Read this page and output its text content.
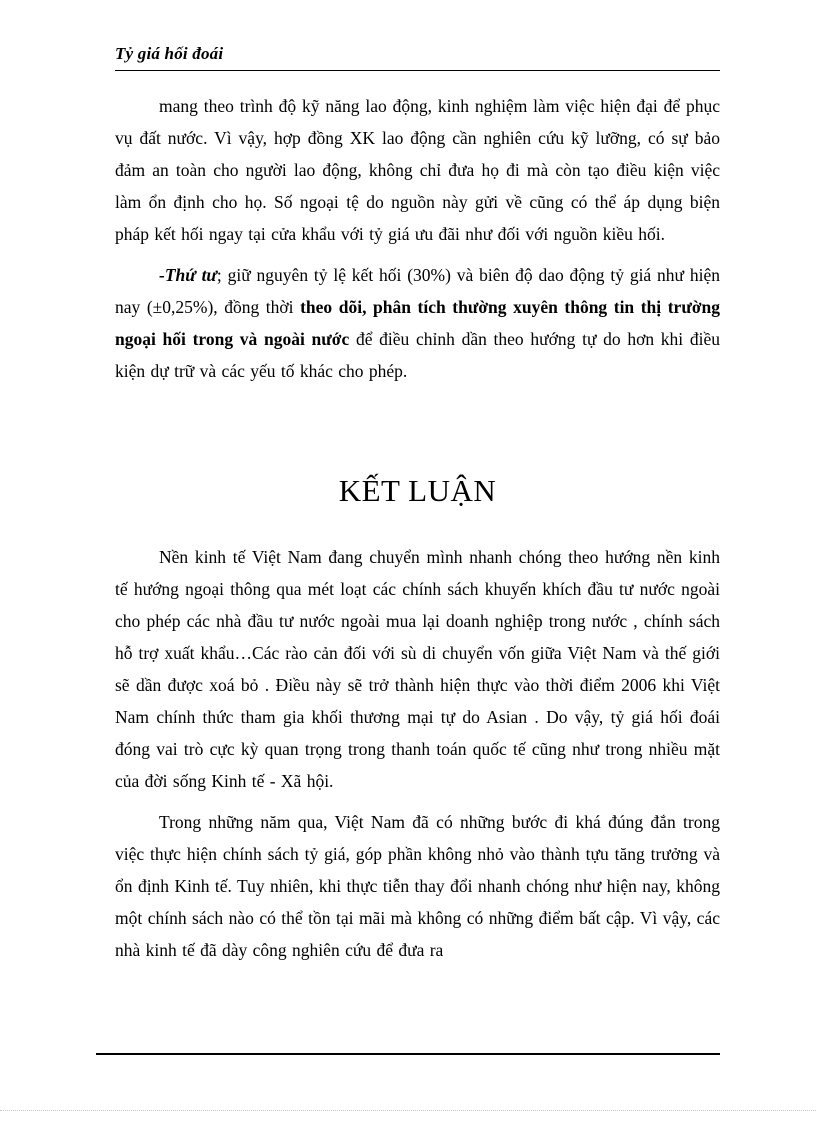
Tỷ giá hối đoái

mang theo trình độ kỹ năng lao động, kinh nghiệm làm việc hiện đại để phục vụ đất nước. Vì vậy, hợp đồng XK lao động cần nghiên cứu kỹ lưỡng, có sự bảo đảm an toàn cho người lao động, không chỉ đưa họ đi mà còn tạo điều kiện việc làm ổn định cho họ. Số ngoại tệ do nguồn này gửi về cũng có thể áp dụng biện pháp kết hối ngay tại cửa khẩu với tỷ giá ưu đãi như đối với nguồn kiều hối.

-Thứ tư; giữ nguyên tỷ lệ kết hối (30%) và biên độ dao động tỷ giá như hiện nay (±0,25%), đồng thời theo dõi, phân tích thường xuyên thông tin thị trường ngoại hối trong và ngoài nước để điều chỉnh dần theo hướng tự do hơn khi điều kiện dự trữ và các yếu tố khác cho phép.

KẾT LUẬN

Nền kinh tế Việt Nam đang chuyển mình nhanh chóng theo hướng nền kinh tế hướng ngoại thông qua mét loạt các chính sách khuyến khích đầu tư nước ngoài cho phép các nhà đầu tư nước ngoài mua lại doanh nghiệp trong nước , chính sách hỗ trợ xuất khẩu…Các rào cản đối với sù di chuyển vốn giữa Việt Nam và thế giới sẽ dần được xoá bỏ . Điều này sẽ trở thành hiện thực vào thời điểm 2006 khi Việt Nam chính thức tham gia khối thương mại tự do Asian . Do vậy, tỷ giá hối đoái đóng vai trò cực kỳ quan trọng trong thanh toán quốc tế cũng như trong nhiều mặt của đời sống Kinh tế - Xã hội.

Trong những năm qua, Việt Nam đã có những bước đi khá đúng đắn trong việc thực hiện chính sách tỷ giá, góp phần không nhỏ vào thành tựu tăng trưởng và ổn định Kinh tế. Tuy nhiên, khi thực tiễn thay đổi nhanh chóng như hiện nay, không một chính sách nào có thể tồn tại mãi mà không có những điểm bất cập. Vì vậy, các nhà kinh tế đã dày công nghiên cứu để đưa ra
